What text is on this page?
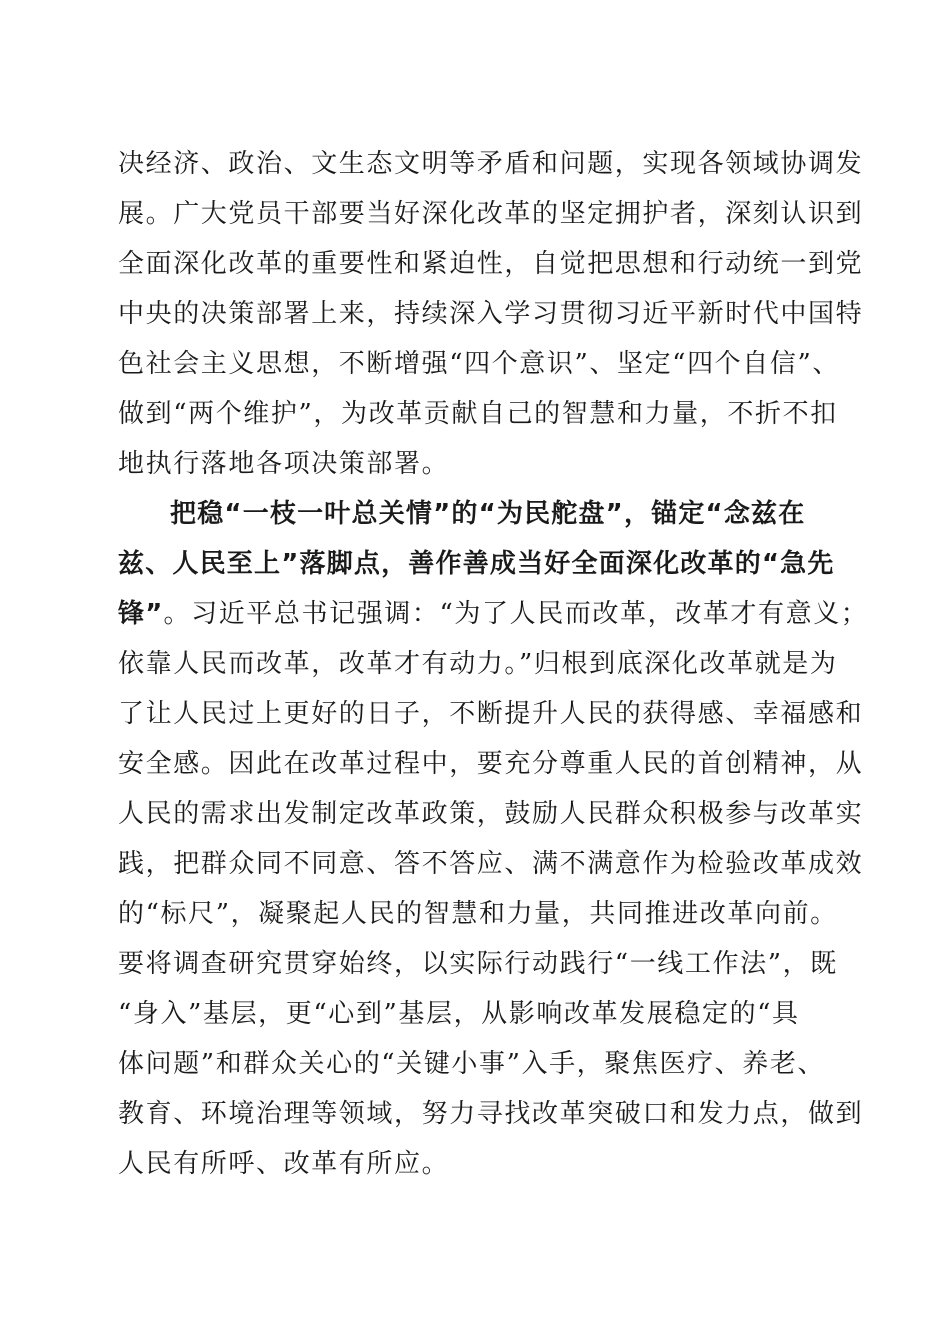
决经济、政治、文生态文明等矛盾和问题，实现各领域协调发
展。广大党员干部要当好深化改革的坚定拥护者，深刻认识到
全面深化改革的重要性和紧迫性，自觉把思想和行动统一到党
中央的决策部署上来，持续深入学习贯彻习近平新时代中国特
色社会主义思想，不断增强“四个意识”、坚定“四个自信”、
做到“两个维护”，为改革贡献自己的智慧和力量，不折不扣
地执行落地各项决策部署。
把稳“一枝一叶总关情”的“为民舵盘”，锚定“念兹在
兹、人民至上”落脚点，善作善成当好全面深化改革的“急先
锋”。习近平总书记强调：“为了人民而改革，改革才有意义；
依靠人民而改革，改革才有动力。”归根到底深化改革就是为
了让人民过上更好的日子，不断提升人民的获得感、幸福感和
安全感。因此在改革过程中，要充分尊重人民的首创精神，从
人民的需求出发制定改革政策，鼓励人民群众积极参与改革实
践，把群众同不同意、答不答应、满不满意作为检验改革成效
的“标尺”，凝聚起人民的智慧和力量，共同推进改革向前。
要将调查研究贯穿始终，以实际行动践行“一线工作法”，既
“身入”基层，更“心到”基层，从影响改革发展稳定的“具
体问题”和群众关心的“关键小事”入手，聚焦医疗、养老、
教育、环境治理等领域，努力寻找改革突破口和发力点，做到
人民有所呼、改革有所应。
